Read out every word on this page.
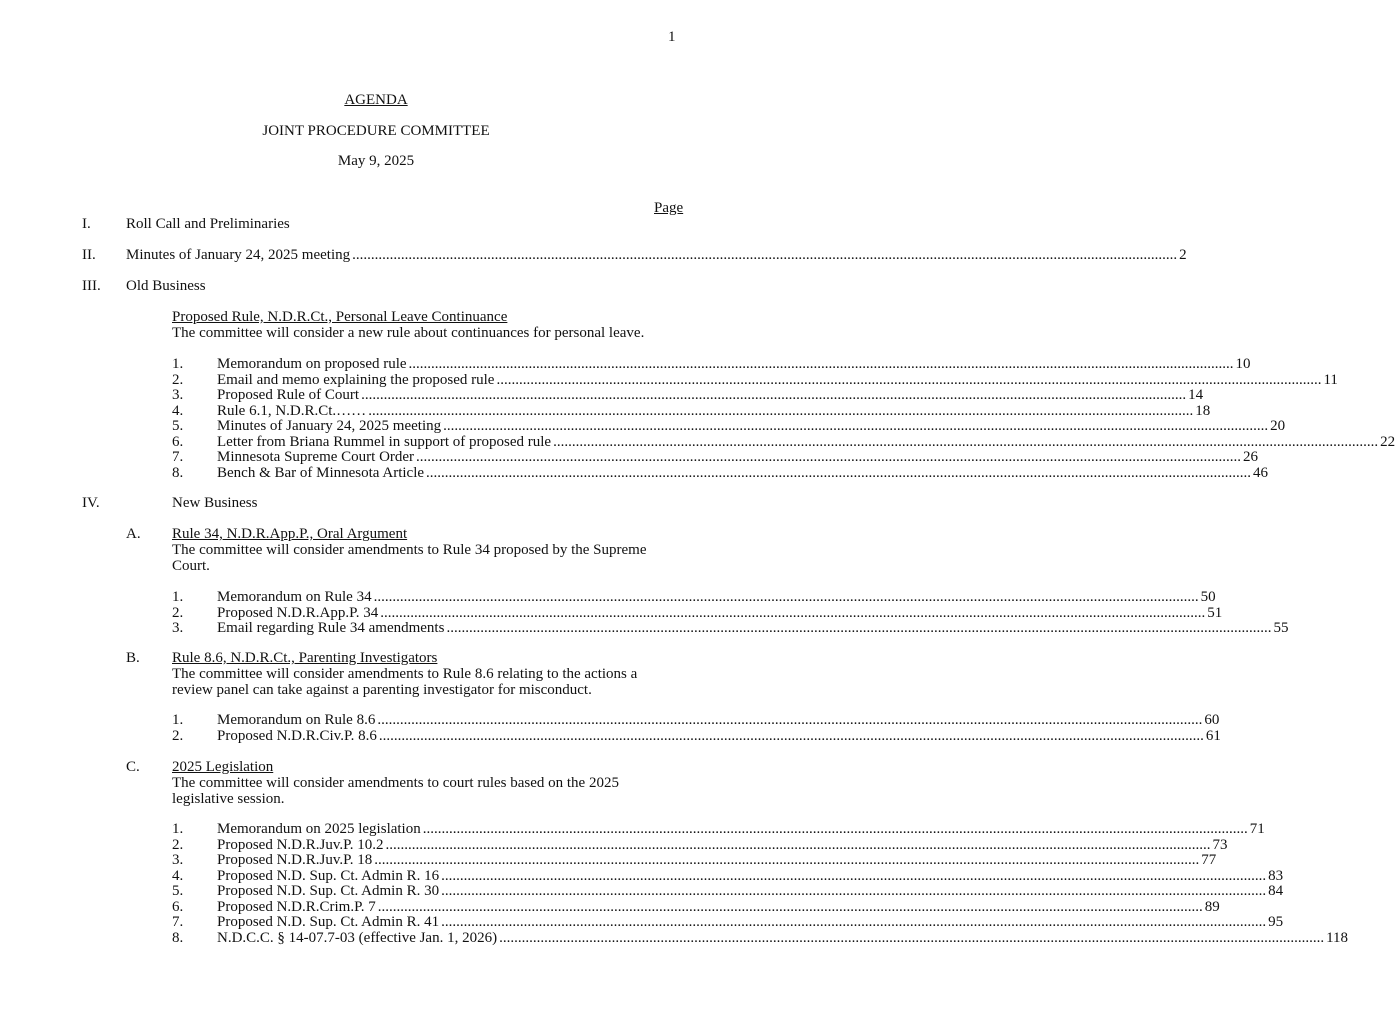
1
AGENDA
JOINT PROCEDURE COMMITTEE
May 9, 2025
Page
I. Roll Call and Preliminaries
II. Minutes of January 24, 2025 meeting ............................................................................................................................................................................................................................ 2
III. Old Business
Proposed Rule, N.D.R.Ct., Personal Leave Continuance
The committee will consider a new rule about continuances for personal leave.
1.	Memorandum on proposed rule ............................................................................................................................................................................................................................ 10
2.	Email and memo explaining the proposed rule ............................................................................................................................................................................................................................ 11
3.	Proposed Rule of Court ............................................................................................................................................................................................................................ 14
4.	Rule 6.1, N.D.R.Ct.…… ............................................................................................................................................................................................................................ 18
5.	Minutes of January 24, 2025 meeting ............................................................................................................................................................................................................................ 20
6.	Letter from Briana Rummel in support of proposed rule ............................................................................................................................................................................................................................ 22
7.	Minnesota Supreme Court Order ............................................................................................................................................................................................................................ 26
8.	Bench & Bar of Minnesota Article ............................................................................................................................................................................................................................ 46
IV.	New Business
A. Rule 34, N.D.R.App.P., Oral Argument
The committee will consider amendments to Rule 34 proposed by the Supreme
Court.
1.	Memorandum on Rule 34 ............................................................................................................................................................................................................................ 50
2.	Proposed N.D.R.App.P. 34 ............................................................................................................................................................................................................................ 51
3.	Email regarding Rule 34 amendments ............................................................................................................................................................................................................................ 55
B. Rule 8.6, N.D.R.Ct., Parenting Investigators
The committee will consider amendments to Rule 8.6 relating to the actions a
review panel can take against a parenting investigator for misconduct.
1.	Memorandum on Rule 8.6 ............................................................................................................................................................................................................................ 60
2.	Proposed N.D.R.Civ.P. 8.6 ............................................................................................................................................................................................................................ 61
C. 2025 Legislation
The committee will consider amendments to court rules based on the 2025
legislative session.
1.	Memorandum on 2025 legislation ............................................................................................................................................................................................................................ 71
2.	Proposed N.D.R.Juv.P. 10.2 ............................................................................................................................................................................................................................ 73
3.	Proposed N.D.R.Juv.P. 18 ............................................................................................................................................................................................................................ 77
4.	Proposed N.D. Sup. Ct. Admin R. 16 ............................................................................................................................................................................................................................ 83
5.	Proposed N.D. Sup. Ct. Admin R. 30 ............................................................................................................................................................................................................................ 84
6.	Proposed N.D.R.Crim.P. 7 ............................................................................................................................................................................................................................ 89
7.	Proposed N.D. Sup. Ct. Admin R. 41 ............................................................................................................................................................................................................................ 95
8.	N.D.C.C. § 14-07.7-03 (effective Jan. 1, 2026) ............................................................................................................................................................................................................................ 118
